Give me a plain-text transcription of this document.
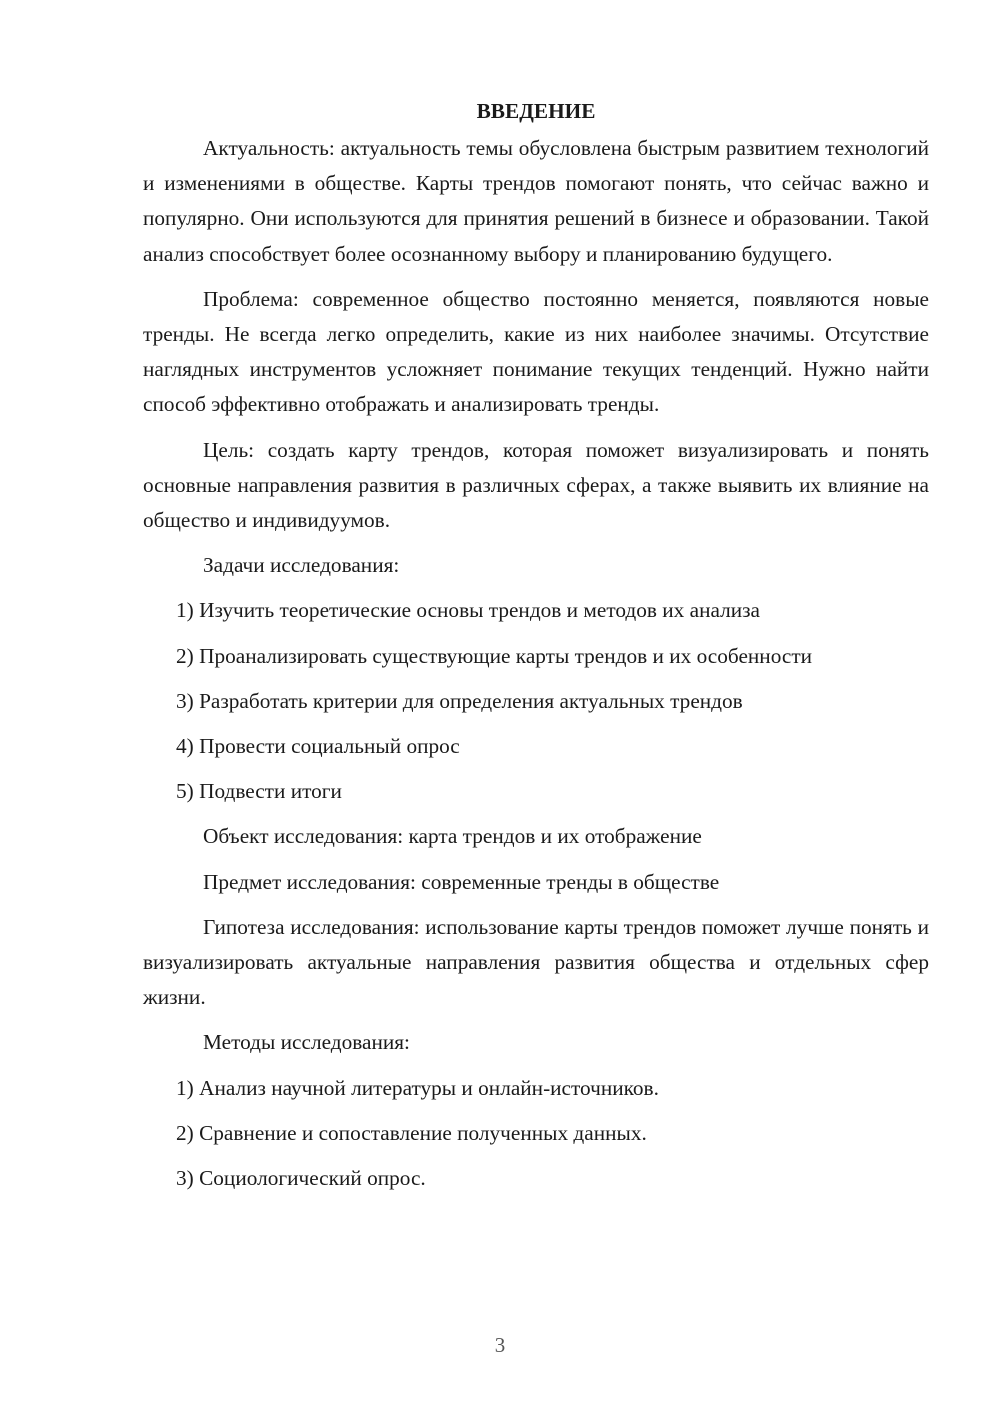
ВВЕДЕНИЕ

Актуальность: актуальность темы обусловлена быстрым развитием технологий и изменениями в обществе. Карты трендов помогают понять, что сейчас важно и популярно. Они используются для принятия решений в бизнесе и образовании. Такой анализ способствует более осознанному выбору и планированию будущего.

Проблема: современное общество постоянно меняется, появляются новые тренды. Не всегда легко определить, какие из них наиболее значимы. Отсутствие наглядных инструментов усложняет понимание текущих тенденций. Нужно найти способ эффективно отображать и анализировать тренды.

Цель: создать карту трендов, которая поможет визуализировать и понять основные направления развития в различных сферах, а также выявить их влияние на общество и индивидуумов.

Задачи исследования:

1) Изучить теоретические основы трендов и методов их анализа
2) Проанализировать существующие карты трендов и их особенности
3) Разработать критерии для определения актуальных трендов
4) Провести социальный опрос
5) Подвести итоги

Объект исследования: карта трендов и их отображение

Предмет исследования: современные тренды в обществе

Гипотеза исследования: использование карты трендов поможет лучше понять и визуализировать актуальные направления развития общества и отдельных сфер жизни.

Методы исследования:

1) Анализ научной литературы и онлайн-источников.
2) Сравнение и сопоставление полученных данных.
3) Социологический опрос.
3
